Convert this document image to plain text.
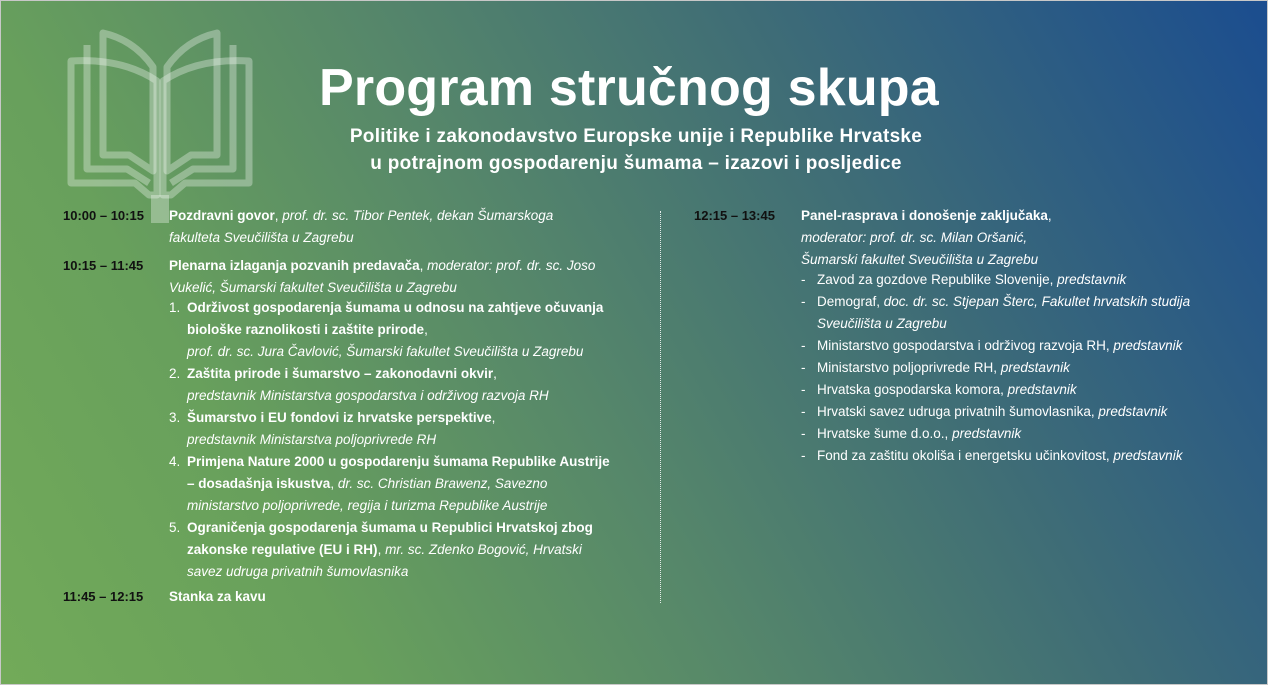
Program stručnog skupa
Politike i zakonodavstvo Europske unije i Republike Hrvatske
u potrajnom gospodarenju šumama – izazovi i posljedice
10:00 – 10:15 Pozdravni govor, prof. dr. sc. Tibor Pentek, dekan Šumarskoga
fakulteta Sveučilišta u Zagrebu
10:15 – 11:45 Plenarna izlaganja pozvanih predavača, moderator: prof. dr. sc. Joso
Vukelić, Šumarski fakultet Sveučilišta u Zagrebu
1. Održivost gospodarenja šumama u odnosu na zahtjeve očuvanja
biološke raznolikosti i zaštite prirode,
prof. dr. sc. Jura Čavlović, Šumarski fakultet Sveučilišta u Zagrebu
2. Zaštita prirode i šumarstvo – zakonodavni okvir,
predstavnik Ministarstva gospodarstva i održivog razvoja RH
3. Šumarstvo i EU fondovi iz hrvatske perspektive,
predstavnik Ministarstva poljoprivrede RH
4. Primjena Nature 2000 u gospodarenju šumama Republike Austrije
– dosadašnja iskustva, dr. sc. Christian Brawenz, Savezno
ministarstvo poljoprivrede, regija i turizma Republike Austrije
5. Ograničenja gospodarenja šumama u Republici Hrvatskoj zbog
zakonske regulative (EU i RH), mr. sc. Zdenko Bogović, Hrvatski
savez udruga privatnih šumovlasnika
11:45 – 12:15 Stanka za kavu
12:15 – 13:45 Panel-rasprava i donošenje zaključaka,
moderator: prof. dr. sc. Milan Oršanić,
Šumarski fakultet Sveučilišta u Zagrebu
- Zavod za gozdove Republike Slovenije, predstavnik
- Demograf, doc. dr. sc. Stjepan Šterc, Fakultet hrvatskih studija
Sveučilišta u Zagrebu
- Ministarstvo gospodarstva i održivog razvoja RH, predstavnik
- Ministarstvo poljoprivrede RH, predstavnik
- Hrvatska gospodarska komora, predstavnik
- Hrvatski savez udruga privatnih šumovlasnika, predstavnik
- Hrvatske šume d.o.o., predstavnik
- Fond za zaštitu okoliša i energetsku učinkovitost, predstavnik
